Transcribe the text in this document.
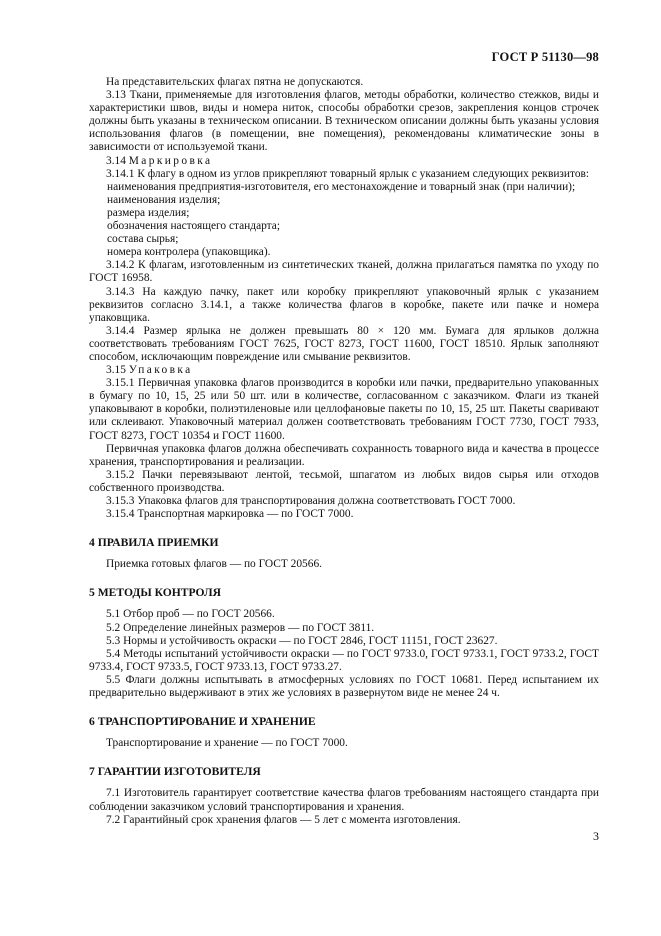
ГОСТ Р 51130—98

На представительских флагах пятна не допускаются.

3.13 Ткани, применяемые для изготовления флагов, методы обработки, количество стежков, виды и характеристики швов, виды и номера ниток, способы обработки срезов, закрепления концов строчек должны быть указаны в техническом описании. В техническом описании должны быть указаны условия использования флагов (в помещении, вне помещения), рекомендованы климатические зоны в зависимости от используемой ткани.

3.14 Маркировка

3.14.1 К флагу в одном из углов прикрепляют товарный ярлык с указанием следующих реквизитов:

наименования предприятия-изготовителя, его местонахождение и товарный знак (при наличии);

наименования изделия;

размера изделия;

обозначения настоящего стандарта;

состава сырья;

номера контролера (упаковщика).

3.14.2 К флагам, изготовленным из синтетических тканей, должна прилагаться памятка по уходу по ГОСТ 16958.

3.14.3 На каждую пачку, пакет или коробку прикрепляют упаковочный ярлык с указанием реквизитов согласно 3.14.1, а также количества флагов в коробке, пакете или пачке и номера упаковщика.

3.14.4 Размер ярлыка не должен превышать 80 × 120 мм. Бумага для ярлыков должна соответствовать требованиям ГОСТ 7625, ГОСТ 8273, ГОСТ 11600, ГОСТ 18510. Ярлык заполняют способом, исключающим повреждение или смывание реквизитов.

3.15 Упаковка

3.15.1 Первичная упаковка флагов производится в коробки или пачки, предварительно упакованных в бумагу по 10, 15, 25 или 50 шт. или в количестве, согласованном с заказчиком. Флаги из тканей упаковывают в коробки, полиэтиленовые или целлофановые пакеты по 10, 15, 25 шт. Пакеты сваривают или склеивают. Упаковочный материал должен соответствовать требованиям ГОСТ 7730, ГОСТ 7933, ГОСТ 8273, ГОСТ 10354 и ГОСТ 11600.

Первичная упаковка флагов должна обеспечивать сохранность товарного вида и качества в процессе хранения, транспортирования и реализации.

3.15.2 Пачки перевязывают лентой, тесьмой, шпагатом из любых видов сырья или отходов собственного производства.

3.15.3 Упаковка флагов для транспортирования должна соответствовать ГОСТ 7000.

3.15.4 Транспортная маркировка — по ГОСТ 7000.

4 ПРАВИЛА ПРИЕМКИ

Приемка готовых флагов — по ГОСТ 20566.

5 МЕТОДЫ КОНТРОЛЯ

5.1 Отбор проб — по ГОСТ 20566.

5.2 Определение линейных размеров — по ГОСТ 3811.

5.3 Нормы и устойчивость окраски — по ГОСТ 2846, ГОСТ 11151, ГОСТ 23627.

5.4 Методы испытаний устойчивости окраски — по ГОСТ 9733.0, ГОСТ 9733.1, ГОСТ 9733.2, ГОСТ 9733.4, ГОСТ 9733.5, ГОСТ 9733.13, ГОСТ 9733.27.

5.5 Флаги должны испытывать в атмосферных условиях по ГОСТ 10681. Перед испытанием их предварительно выдерживают в этих же условиях в развернутом виде не менее 24 ч.

6 ТРАНСПОРТИРОВАНИЕ И ХРАНЕНИЕ

Транспортирование и хранение — по ГОСТ 7000.

7 ГАРАНТИИ ИЗГОТОВИТЕЛЯ

7.1 Изготовитель гарантирует соответствие качества флагов требованиям настоящего стандарта при соблюдении заказчиком условий транспортирования и хранения.

7.2 Гарантийный срок хранения флагов — 5 лет с момента изготовления.

3
